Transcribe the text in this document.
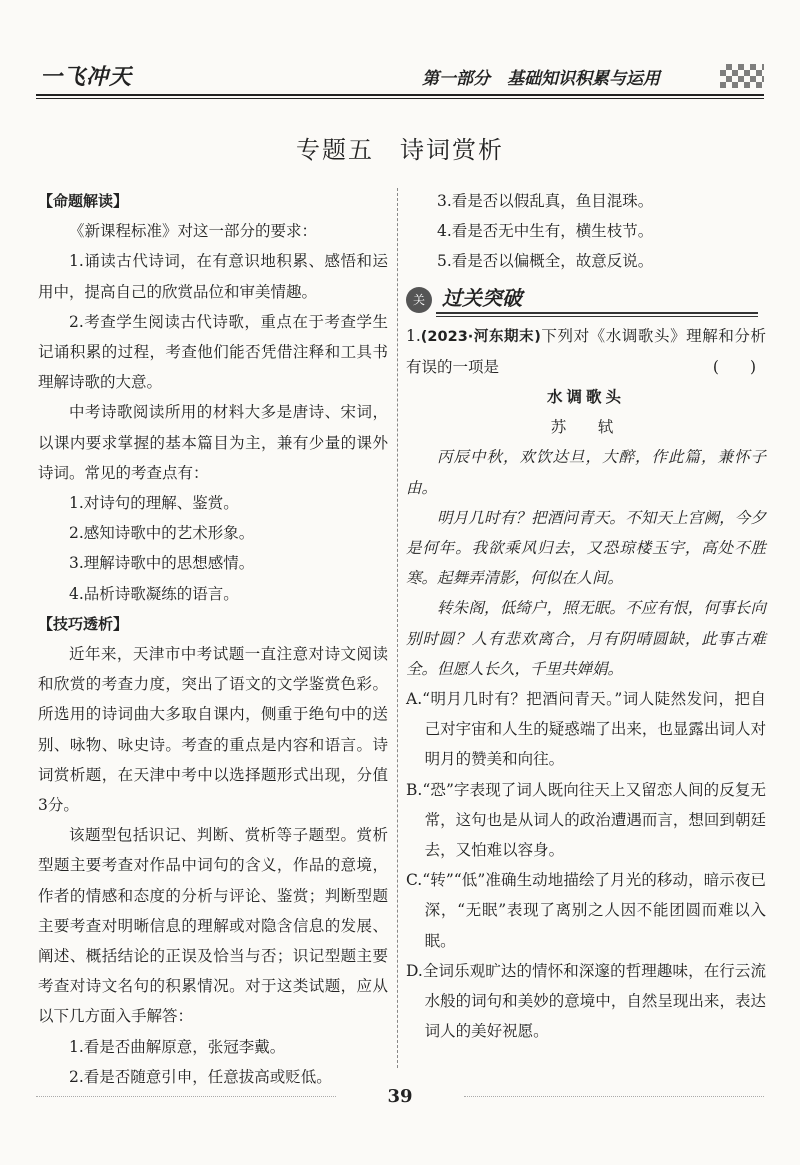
一飞冲天	第一部分　基础知识积累与运用
专题五　诗词赏析

【命题解读】

《新课程标准》对这一部分的要求：

1.诵读古代诗词，在有意识地积累、感悟和运用中，提高自己的欣赏品位和审美情趣。

2.考查学生阅读古代诗歌，重点在于考查学生记诵积累的过程，考查他们能否凭借注释和工具书理解诗歌的大意。

中考诗歌阅读所用的材料大多是唐诗、宋词，以课内要求掌握的基本篇目为主，兼有少量的课外诗词。常见的考查点有：

1.对诗句的理解、鉴赏。

2.感知诗歌中的艺术形象。

3.理解诗歌中的思想感情。

4.品析诗歌凝练的语言。

【技巧透析】

近年来，天津市中考试题一直注意对诗文阅读和欣赏的考查力度，突出了语文的文学鉴赏色彩。所选用的诗词曲大多取自课内，侧重于绝句中的送别、咏物、咏史诗。考查的重点是内容和语言。诗词赏析题，在天津中考中以选择题形式出现，分值3分。

该题型包括识记、判断、赏析等子题型。赏析型题主要考查对作品中词句的含义，作品的意境，作者的情感和态度的分析与评论、鉴赏；判断型题主要考查对明晰信息的理解或对隐含信息的发展、阐述、概括结论的正误及恰当与否；识记型题主要考查对诗文名句的积累情况。对于这类试题，应从以下几方面入手解答：

1.看是否曲解原意，张冠李戴。

2.看是否随意引申，任意拔高或贬低。

3.看是否以假乱真，鱼目混珠。

4.看是否无中生有，横生枝节。

5.看是否以偏概全，故意反说。

关 过关突破

1.(2023·河东期末)下列对《水调歌头》理解和分析有误的一项是	(　　)

水调歌头

苏　轼

丙辰中秋，欢饮达旦，大醉，作此篇，兼怀子由。

明月几时有？把酒问青天。不知天上宫阙，今夕是何年。我欲乘风归去，又恐琼楼玉宇，高处不胜寒。起舞弄清影，何似在人间。

转朱阁，低绮户，照无眠。不应有恨，何事长向别时圆？人有悲欢离合，月有阴晴圆缺，此事古难全。但愿人长久，千里共婵娟。

A.“明月几时有？把酒问青天。”词人陡然发问，把自己对宇宙和人生的疑惑端了出来，也显露出词人对明月的赞美和向往。

B.“恐”字表现了词人既向往天上又留恋人间的反复无常，这句也是从词人的政治遭遇而言，想回到朝廷去，又怕难以容身。

C.“转”“低”准确生动地描绘了月光的移动，暗示夜已深，“无眠”表现了离别之人因不能团圆而难以入眠。

D.全词乐观旷达的情怀和深邃的哲理趣味，在行云流水般的词句和美妙的意境中，自然呈现出来，表达词人的美好祝愿。

39
